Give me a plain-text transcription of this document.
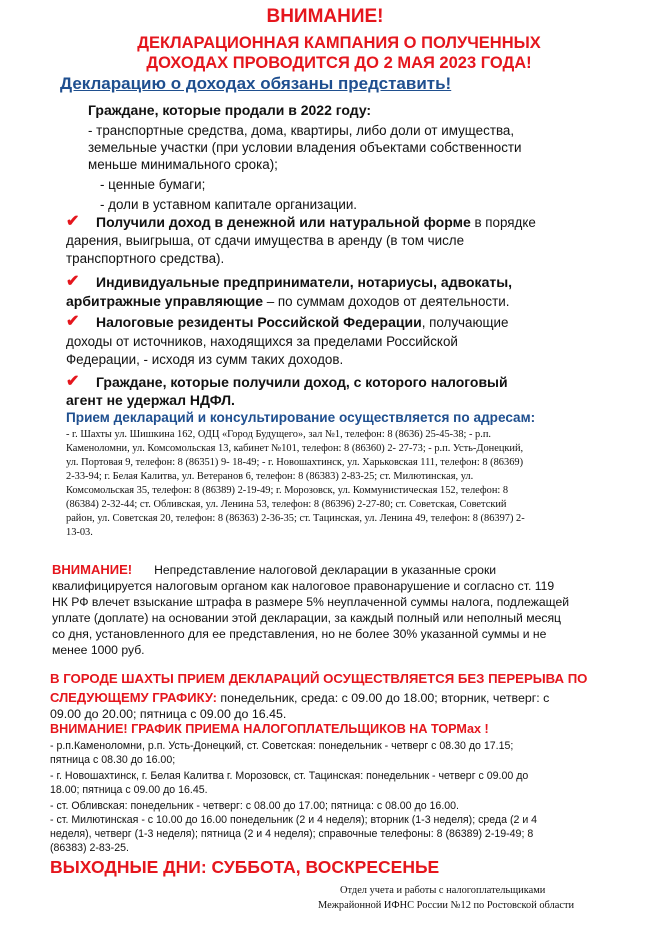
ВНИМАНИЕ!
ДЕКЛАРАЦИОННАЯ КАМПАНИЯ О ПОЛУЧЕННЫХ
ДОХОДАХ ПРОВОДИТСЯ ДО 2 МАЯ 2023 ГОДА!
Декларацию о доходах обязаны представить!
Граждане, которые продали в 2022 году:
- транспортные средства, дома, квартиры, либо доли от имущества,
земельные участки (при условии владения объектами собственности
меньше минимального срока);
- ценные бумаги;
- доли в уставном капитале организации.
✔ Получили доход в денежной или натуральной форме в порядке
дарения, выигрыша, от сдачи имущества в аренду (в том числе
транспортного средства).
✔ Индивидуальные предприниматели, нотариусы, адвокаты,
арбитражные управляющие – по суммам доходов от деятельности.
✔ Налоговые резиденты Российской Федерации, получающие
доходы от источников, находящихся за пределами Российской
Федерации, - исходя из сумм таких доходов.
✔ Граждане, которые получили доход, с которого налоговый
агент не удержал НДФЛ.
Прием деклараций и консультирование осуществляется по адресам:
- г. Шахты ул. Шишкина 162, ОДЦ «Город Будущего», зал №1, телефон: 8 (8636) 25-45-38; - р.п.
Каменоломни, ул. Комсомольская 13, кабинет №101, телефон: 8 (86360) 2- 27-73; - р.п. Усть-Донецкий,
ул. Портовая 9, телефон: 8 (86351) 9- 18-49; - г. Новошахтинск, ул. Харьковская 111, телефон: 8 (86369)
2-33-94; г. Белая Калитва, ул. Ветеранов 6, телефон: 8 (86383) 2-83-25; ст. Милютинская, ул.
Комсомольская 35, телефон: 8 (86389) 2-19-49; г. Морозовск, ул. Коммунистическая 152, телефон: 8
(86384) 2-32-44; ст. Обливская, ул. Ленина 53, телефон: 8 (86396) 2-27-80; ст. Советская, Советский
район, ул. Советская 20, телефон: 8 (86363) 2-36-35; ст. Тацинская, ул. Ленина 49, телефон: 8 (86397) 2-
13-03.
ВНИМАНИЕ! Непредставление налоговой декларации в указанные сроки
квалифицируется налоговым органом как налоговое правонарушение и согласно ст. 119
НК РФ влечет взыскание штрафа в размере 5% неуплаченной суммы налога, подлежащей
уплате (доплате) на основании этой декларации, за каждый полный или неполный месяц
со дня, установленного для ее представления, но не более 30% указанной суммы и не
менее 1000 руб.
В ГОРОДЕ ШАХТЫ ПРИЕМ ДЕКЛАРАЦИЙ ОСУЩЕСТВЛЯЕТСЯ БЕЗ ПЕРЕРЫВА ПО
СЛЕДУЮЩЕМУ ГРАФИКУ: понедельник, среда: с 09.00 до 18.00; вторник, четверг: с
09.00 до 20.00; пятница с 09.00 до 16.45.
ВНИМАНИЕ! ГРАФИК ПРИЕМА НАЛОГОПЛАТЕЛЬЩИКОВ НА ТОРМах !
- р.п.Каменоломни, р.п. Усть-Донецкий, ст. Советская: понедельник - четверг с 08.30 до 17.15;
пятница с 08.30 до 16.00;
- г. Новошахтинск, г. Белая Калитва г. Морозовск, ст. Тацинская: понедельник - четверг с 09.00 до
18.00; пятница с 09.00 до 16.45.
- ст. Обливская: понедельник - четверг: с 08.00 до 17.00; пятница: с 08.00 до 16.00.
- ст. Милютинская - с 10.00 до 16.00 понедельник (2 и 4 неделя); вторник (1-3 неделя); среда (2 и 4
неделя), четверг (1-3 неделя); пятница (2 и 4 неделя); справочные телефоны: 8 (86389) 2-19-49; 8
(86383) 2-83-25.
ВЫХОДНЫЕ ДНИ: СУББОТА, ВОСКРЕСЕНЬЕ
Отдел учета и работы с налогоплательщиками
Межрайонной ИФНС России №12 по Ростовской области
